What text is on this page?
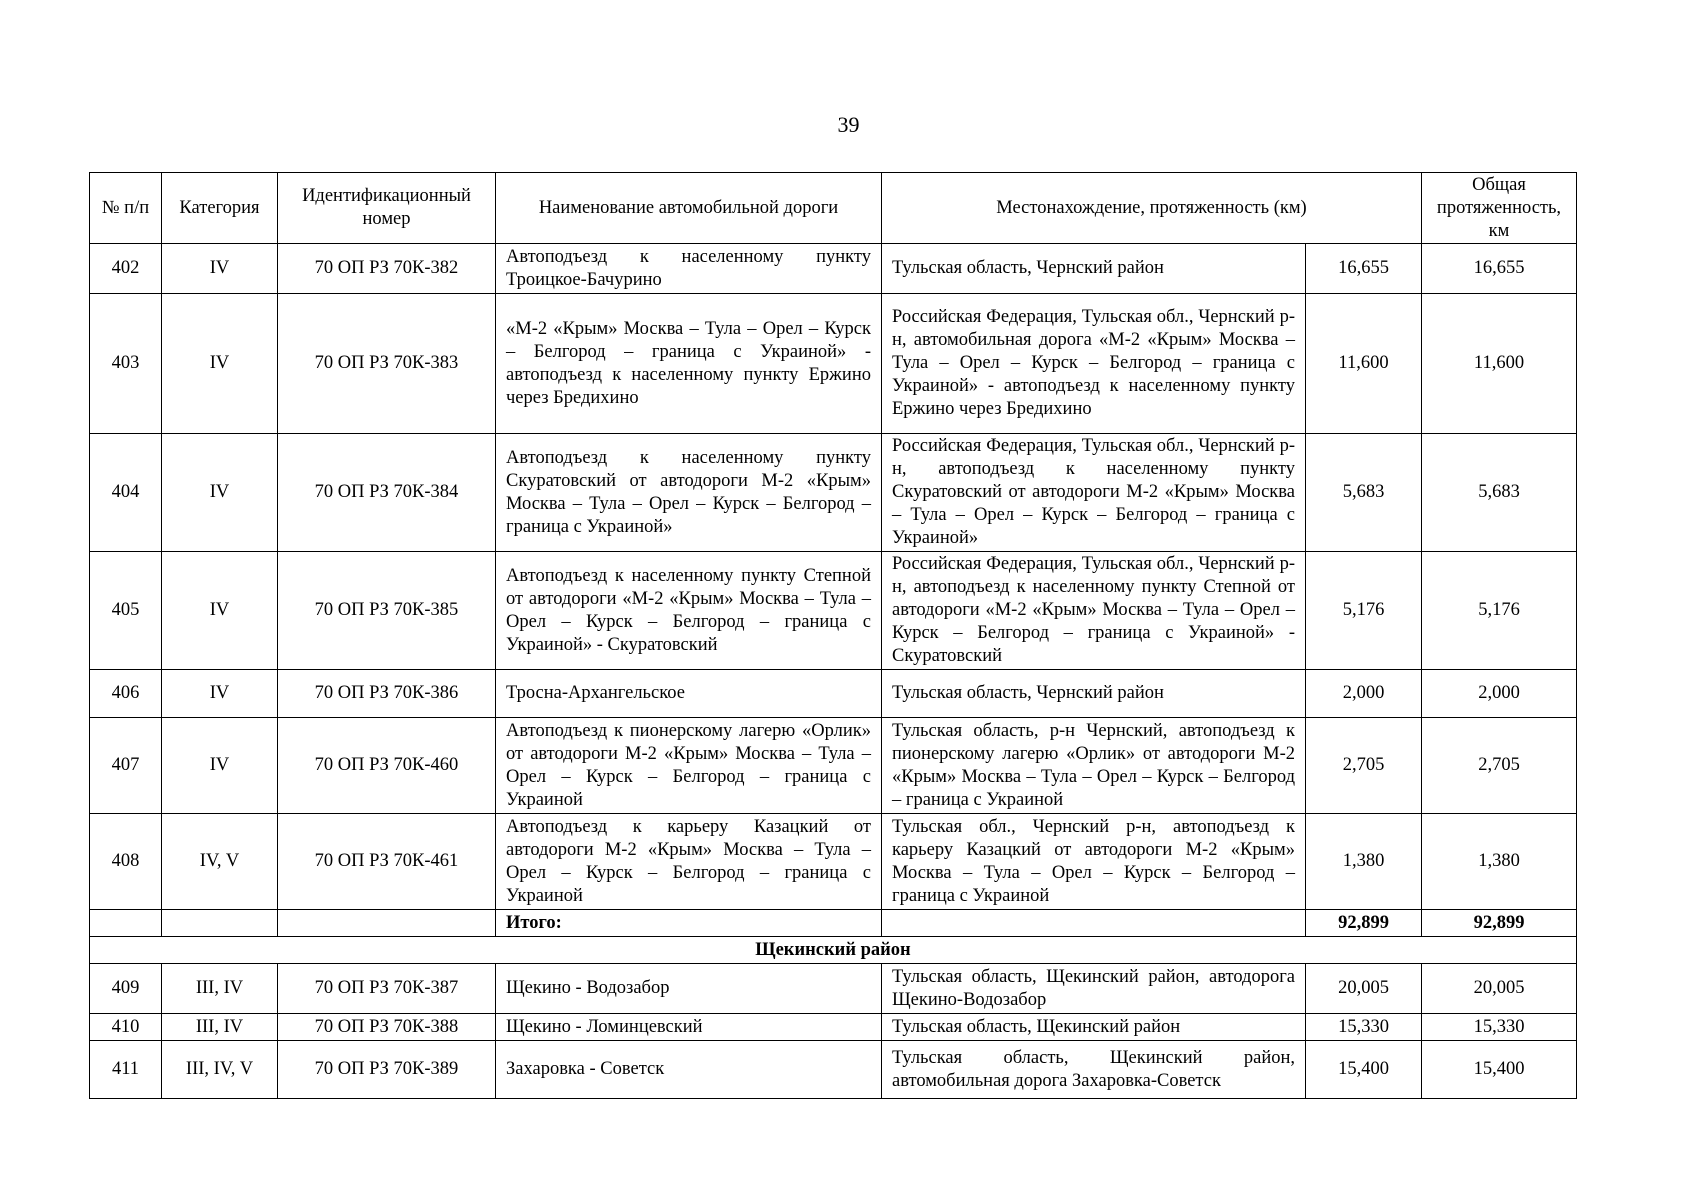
39
№ п/п	Категория	Идентификационный номер	Наименование автомобильной дороги	Местонахождение, протяженность (км)		Общая протяженность, км
402	IV	70 ОП РЗ 70К-382	Автоподъезд к населенному пункту Троицкое-Бачурино	Тульская область, Чернский район	16,655	16,655
403	IV	70 ОП РЗ 70К-383	«М-2 «Крым» Москва – Тула – Орел – Курск – Белгород – граница с Украиной» - автоподъезд к населенному пункту Ержино через Бредихино	Российская Федерация, Тульская обл., Чернский р-н, автомобильная дорога «М-2 «Крым» Москва – Тула – Орел – Курск – Белгород – граница с Украиной» - автоподъезд к населенному пункту Ержино через Бредихино	11,600	11,600
404	IV	70 ОП РЗ 70К-384	Автоподъезд к населенному пункту Скуратовский от автодороги М-2 «Крым» Москва – Тула – Орел – Курск – Белгород – граница с Украиной»	Российская Федерация, Тульская обл., Чернский р-н, автоподъезд к населенному пункту Скуратовский от автодороги М-2 «Крым» Москва – Тула – Орел – Курск – Белгород – граница с Украиной»	5,683	5,683
405	IV	70 ОП РЗ 70К-385	Автоподъезд к населенному пункту Степной от автодороги «М-2 «Крым» Москва – Тула – Орел – Курск – Белгород – граница с Украиной» - Скуратовский	Российская Федерация, Тульская обл., Чернский р-н, автоподъезд к населенному пункту Степной от автодороги «М-2 «Крым» Москва – Тула – Орел – Курск – Белгород – граница с Украиной» - Скуратовский	5,176	5,176
406	IV	70 ОП РЗ 70К-386	Тросна-Архангельское	Тульская область, Чернский район	2,000	2,000
407	IV	70 ОП РЗ 70К-460	Автоподъезд к пионерскому лагерю «Орлик» от автодороги М-2 «Крым» Москва – Тула – Орел – Курск – Белгород – граница с Украиной	Тульская область, р-н Чернский, автоподъезд к пионерскому лагерю «Орлик» от автодороги М-2 «Крым» Москва – Тула – Орел – Курск – Белгород – граница с Украиной	2,705	2,705
408	IV, V	70 ОП РЗ 70К-461	Автоподъезд к карьеру Казацкий от автодороги М-2 «Крым» Москва – Тула – Орел – Курск – Белгород – граница с Украиной	Тульская обл., Чернский р-н, автоподъезд к карьеру Казацкий от автодороги М-2 «Крым» Москва – Тула – Орел – Курск – Белгород – граница с Украиной	1,380	1,380
			Итого:		92,899	92,899
Щекинский район						
409	III, IV	70 ОП РЗ 70К-387	Щекино - Водозабор	Тульская область, Щекинский район, автодорога Щекино-Водозабор	20,005	20,005
410	III, IV	70 ОП РЗ 70К-388	Щекино - Ломинцевский	Тульская область, Щекинский район	15,330	15,330
411	III, IV, V	70 ОП РЗ 70К-389	Захаровка - Советск	Тульская область, Щекинский район, автомобильная дорога Захаровка-Советск	15,400	15,400
